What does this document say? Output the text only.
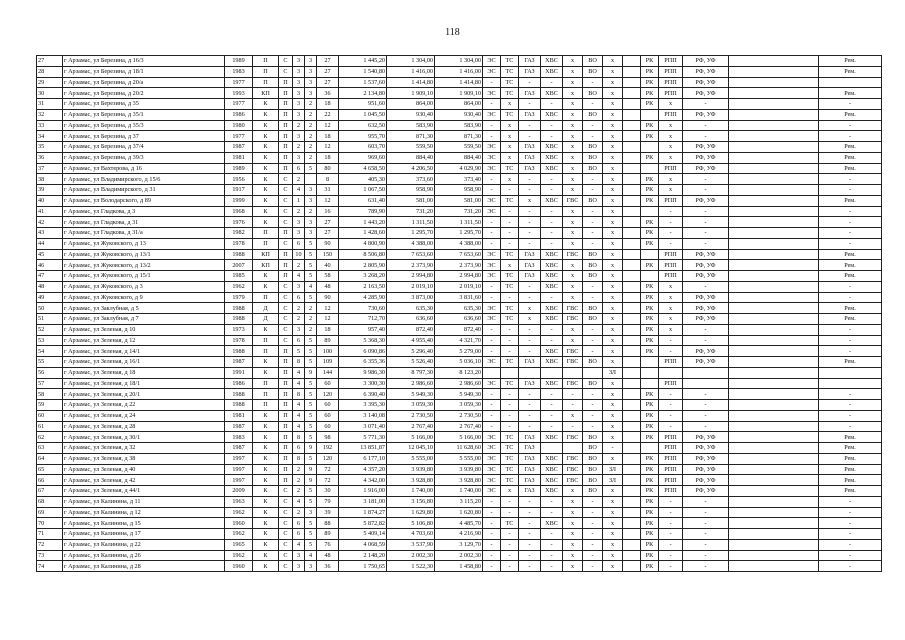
118
27	г Арзамас, ул Березина, д 16/3	1989	П	С	3	3	27	1 445,20	1 304,00	1 304,00	ЭС	ТС	ГАЗ	ХВС	х	ВО	х		РК	РПП	РФ, УФ		Рем.
28	г Арзамас, ул Березина, д 18/1	1983	П	С	3	3	27	1 540,80	1 416,00	1 416,00	ЭС	ТС	ГАЗ	ХВС	х	ВО	х		РК	РПП	РФ, УФ		Рем.
29	г Арзамас, ул Березина, д 20/а	1977	П	П	3	3	27	1 537,60	1 414,80	1 414,80	-	ТС	-	-	х	-	х		РК	РПП	РФ, УФ		
30	г Арзамас, ул Березина, д 20/2	1993	КП	П	3	3	36	2 134,80	1 909,10	1 909,10	ЭС	ТС	ГАЗ	ХВС	х	ВО	х		РК	РПП	РФ, УФ		Рем.
31	г Арзамас, ул Березина, д 35	1977	К	П	3	2	18	951,60	864,00	864,00	-	х	-	-	х	-	х		РК	х	-		-
32	г Арзамас, ул Березина, д 35/1	1986	К	П	3	2	22	1 045,50	930,40	930,40	ЭС	ТС	ГАЗ	ХВС	х	ВО	х			РПП	РФ, УФ		Рем.
33	г Арзамас, ул Березина, д 35/3	1980	К	П	2	2	12	632,50	583,90	583,90	-	х	-	-	х	-	х		РК	х	-		-
34	г Арзамас, ул Березина, д 37	1977	К	П	3	2	18	955,70	871,30	871,30	-	х	-	-	х	-	х		РК	х	-		-
35	г Арзамас, ул Березина, д 37/4	1987	К	П	2	2	12	603,70	559,50	559,50	ЭС	х	ГАЗ	ХВС	х	ВО	х			х	РФ, УФ		Рем.
36	г Арзамас, ул Березина, д 39/3	1981	К	П	3	2	18	969,60	884,40	884,40	ЭС	х	ГАЗ	ХВС	х	ВО	х		РК	х	РФ, УФ		Рем.
37	г Арзамас, ул Вахтерова, д 16	1989	К	П	6	5	80	4 658,50	4 206,50	4 029,90	ЭС	ТС	ГАЗ	ХВС	х	ВО	х			РПП	РФ, УФ		Рем.
38	г Арзамас, ул Владимирского, д 15/6	1956	К	С	2		8	405,30	373,60	373,40	-	х	-	-	х	-	х		РК	х	-		-
39	г Арзамас, ул Владимирского, д 31	1917	К	С	4	3	31	1 067,50	958,90	958,90	-	-	-	-	х	-	х		РК	х	-		-
40	г Арзамас, ул Володарского, д 89	1999	К	С	1	3	12	631,40	581,00	581,00	ЭС	ТС	х	ХВС	ГВС	ВО	х		РК	РПП	РФ, УФ		Рем.
41	г Арзамас, ул Гладкова, д 3	1968	К	С	2	2	16	789,90	731,20	731,20	ЭС	-	-	-	х	-	х			-	-		-
42	г Арзамас, ул Гладкова, д 31	1976	К	С	3	3	27	1 443,20	1 311,50	1 311,50	-	-	-	-	х	-	х		РК	-	-		-
43	г Арзамас, ул Гладкова, д 31/а	1982	П	П	3	3	27	1 428,60	1 295,70	1 295,70	-	-	-	-	х	-	х		РК	-	-		-
44	г Арзамас, ул Жуковского, д 13	1978	П	С	6	5	90	4 800,90	4 388,00	4 388,00	-	-	-	-	х	-	х		РК	-	-		-
45	г Арзамас, ул Жуковского, д 13/1	1988	КП	П	10	5	150	8 506,80	7 653,60	7 653,60	ЭС	ТС	ГАЗ	ХВС	ГВС	ВО	х			РПП	РФ, УФ		Рем.
46	г Арзамас, ул Жуковского, д 13/2	2007	КП	П	2	5	40	2 805,90	2 373,90	2 373,90	ЭС	х	ГАЗ	ХВС	х	ВО	х		РК	РПП	РФ, УФ		Рем.
47	г Арзамас, ул Жуковского, д 15/1	1985	К	П	4	5	58	3 268,20	2 994,80	2 994,80	ЭС	ТС	ГАЗ	ХВС	х	ВО	х			РПП	РФ, УФ		Рем.
48	г Арзамас, ул Жуковского, д 3	1962	К	С	3	4	48	2 163,50	2 019,10	2 019,10	-	ТС	-	ХВС	х	-	х		РК	х	-		-
49	г Арзамас, ул Жуковского, д 9	1979	П	С	6	5	90	4 285,90	3 873,00	3 831,60	-	-	-	-	х	-	х		РК	х	РФ, УФ		-
50	г Арзамас, ул Заклубная, д 5	1988	Д	С	2	2	12	730,60	635,30	635,30	ЭС	ТС	х	ХВС	ГВС	ВО	х		РК	х	РФ, УФ		Рем.
51	г Арзамас, ул Заклубная, д 7	1988	Д	С	2	2	12	712,70	636,60	636,60	ЭС	ТС	х	ХВС	ГВС	ВО	х		РК	х	РФ, УФ		Рем.
52	г Арзамас, ул Зеленая, д 10	1973	К	С	3	2	18	957,40	872,40	872,40	-	-	-	-	х	-	х		РК	х	-		-
53	г Арзамас, ул Зеленая, д 12	1978	П	С	6	5	89	5 368,30	4 955,40	4 321,70	-	-	-	-	х	-	х		РК	-	-		-
54	г Арзамас, ул Зеленая, д 14/1	1988	П	П	5	5	100	6 090,86	5 296,40	5 279,00	-	-	-	ХВС	ГВС	-	х		РК	-	РФ, УФ		-
55	г Арзамас, ул Зеленая, д 16/1	1987	К	П	8	5	109	6 355,36	5 526,40	5 036,10	ЭС	ТС	ГАЗ	ХВС	ГВС	ВО	х			РПП	РФ, УФ		Рем.
56	г Арзамас, ул Зеленая, д 18	1991	К	П	4	9	144	9 986,30	8 797,30	8 123,20							ЗЛ						
57	г Арзамас, ул Зеленая, д 18/1	1986	П	П	4	5	60	3 300,30	2 986,60	2 986,60	ЭС	ТС	ГАЗ	ХВС	ГВС	ВО	х			РПП			
58	г Арзамас, ул Зеленая, д 20/1	1988	П	П	8	5	120	6 390,40	5 949,30	5 949,30	-	-	-	-	-	-	х		РК	-	-		-
59	г Арзамас, ул Зеленая, д 22	1988	П	П	4	5	60	3 395,30	3 059,30	3 059,30	-	-	-	-	-	-	х		РК	-	-		-
60	г Арзамас, ул Зеленая, д 24	1981	К	П	4	5	60	3 140,08	2 730,50	2 730,50	-	-	-	-	х	-	х		РК	-	-		-
61	г Арзамас, ул Зеленая, д 28	1987	К	П	4	5	60	3 071,40	2 767,40	2 767,40	-	-	-	-	-	-	х		РК	-	-		-
62	г Арзамас, ул Зеленая, д 30/1	1983	К	П	8	5	98	5 771,30	5 166,00	5 166,00	ЭС	ТС	ГАЗ	ХВС	ГВС	ВО	х		РК	РПП	РФ, УФ		Рем.
63	г Арзамас, ул Зеленая, д 32	1987	К	П	6	9	192	13 851,87	12 045,10	11 628,60	ЭС	ТС	ГАЗ			ВО	-			РПП	РФ, УФ		Рем.
64	г Арзамас, ул Зеленая, д 38	1997	К	П	8	5	120	6 177,10	5 555,00	5 555,00	ЭС	ТС	ГАЗ	ХВС	ГВС	ВО	х		РК	РПП	РФ, УФ		Рем.
65	г Арзамас, ул Зеленая, д 40	1997	К	П	2	9	72	4 357,20	3 939,80	3 939,80	ЭС	ТС	ГАЗ	ХВС	ГВС	ВО	ЗЛ		РК	РПП	РФ, УФ		Рем.
66	г Арзамас, ул Зеленая, д 42	1997	К	П	2	9	72	4 342,00	3 928,80	3 928,80	ЭС	ТС	ГАЗ	ХВС	ГВС	ВО	ЗЛ		РК	РПП	РФ, УФ		Рем.
67	г Арзамас, ул Зеленая, д 44/1	2009	К	С	2	5	30	1 916,00	1 740,00	1 740,00	ЭС	х	ГАЗ	ХВС	х	ВО	х		РК	РПП	РФ, УФ		Рем.
68	г Арзамас, ул Калинина, д 11	1963	К	С	4	5	79	3 181,00	3 156,80	3 115,20	-	-	-	-	х	-	х		РК	-	-		-
69	г Арзамас, ул Калинина, д 12	1962	К	С	2	3	39	1 874,27	1 629,80	1 620,80	-	-	-	-	х	-	х		РК	-	-		-
70	г Арзамас, ул Калинина, д 15	1960	К	С	6	5	88	5 872,82	5 106,80	4 485,70	-	ТС	-	ХВС	х	-	х		РК	-	-		-
71	г Арзамас, ул Калинина, д 17	1962	К	С	6	5	89	5 409,14	4 703,60	4 216,90	-	-	-	-	х	-	х		РК	-	-		-
72	г Арзамас, ул Калинина, д 22	1965	К	С	4	5	76	4 068,59	3 537,90	3 129,70	-	-	-	-	х	-	х		РК	-	-		-
73	г Арзамас, ул Калинина, д 26	1962	К	С	3	4	48	2 148,20	2 002,30	2 002,30	-	-	-	-	х	-	х		РК	-	-		-
74	г Арзамас, ул Калинина, д 28	1960	К	С	3	3	36	1 750,65	1 522,30	1 458,80	-	-	-	-	х	-	х		РК	-	-		-
